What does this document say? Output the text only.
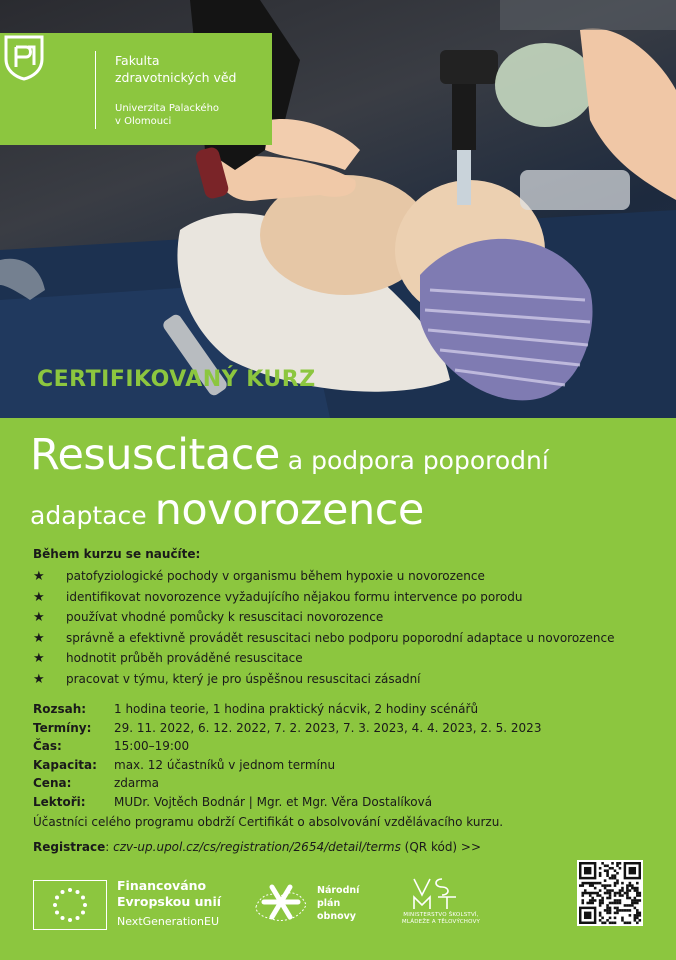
Fakulta
zdravotnických věd
Univerzita Palackého
v Olomouci
CERTIFIKOVANÝ KURZ
Resuscitace a podpora poporodní
adaptace novorozence
Během kurzu se naučíte:
★ patofyziologické pochody v organismu během hypoxie u novorozence
★ identifikovat novorozence vyžadujícího nějakou formu intervence po porodu
★ používat vhodné pomůcky k resuscitaci novorozence
★ správně a efektivně provádět resuscitaci nebo podporu poporodní adaptace u novorozence
★ hodnotit průběh prováděné resuscitace
★ pracovat v týmu, který je pro úspěšnou resuscitaci zásadní
Rozsah: 1 hodina teorie, 1 hodina praktický nácvik, 2 hodiny scénářů
Termíny: 29. 11. 2022, 6. 12. 2022, 7. 2. 2023, 7. 3. 2023, 4. 4. 2023, 2. 5. 2023
Čas:	15:00–19:00
Kapacita: max. 12 účastníků v jednom termínu
Cena:	zdarma
Lektoři: MUDr. Vojtěch Bodnár | Mgr. et Mgr. Věra Dostalíková
Účastníci celého programu obdrží Certifikát o absolvování vzdělávacího kurzu.
Registrace: czv-up.upol.cz/cs/registration/2654/detail/terms (QR kód) >>
Financováno
Evropskou unií
NextGenerationEU
Národní
plán
obnovy	MINISTERSTVO ŠKOLSTVÍ,
MLÁDEŽE A TĚLOVÝCHOVY
